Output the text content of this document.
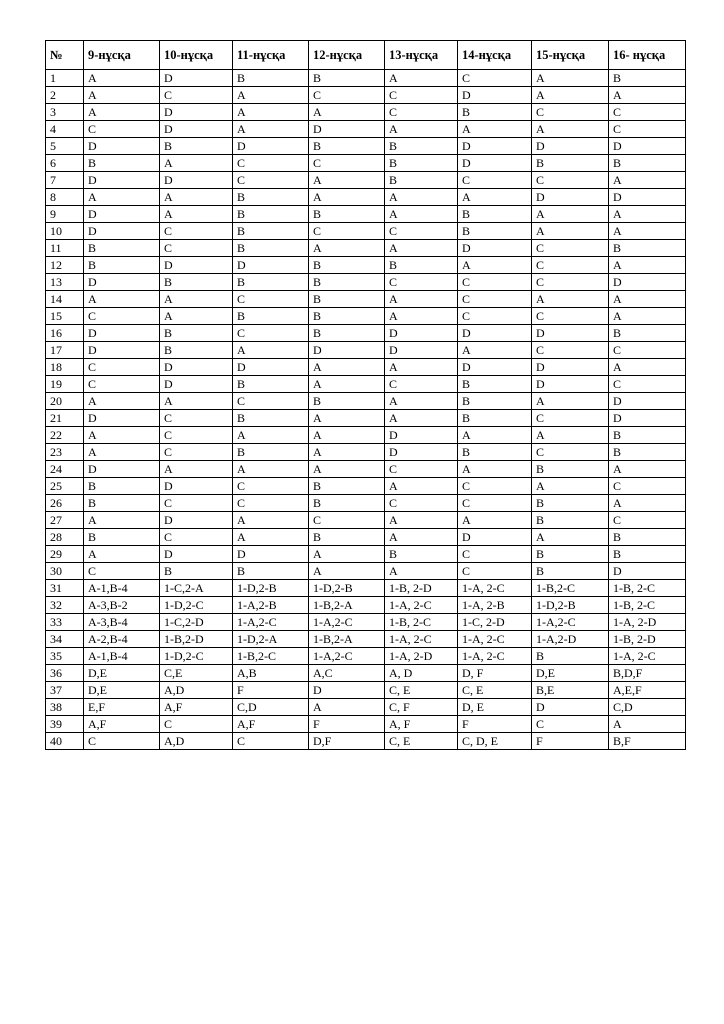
№	9-нұсқа	10-нұсқа	11-нұсқа	12-нұсқа	13-нұсқа	14-нұсқа	15-нұсқа	16- нұсқа
1	A	D	B	B	A	C	A	B
2	A	C	A	C	C	D	A	A
3	A	D	A	A	C	B	C	C
4	C	D	A	D	A	A	A	C
5	D	B	D	B	B	D	D	D
6	B	A	C	C	B	D	B	B
7	D	D	C	A	B	C	C	A
8	A	A	B	A	A	A	D	D
9	D	A	B	B	A	B	A	A
10	D	C	B	C	C	B	A	A
11	B	C	B	A	A	D	C	B
12	B	D	D	B	B	A	C	A
13	D	B	B	B	C	C	C	D
14	A	A	C	B	A	C	A	A
15	C	A	B	B	A	C	C	A
16	D	B	C	B	D	D	D	B
17	D	B	A	D	D	A	C	C
18	C	D	D	A	A	D	D	A
19	C	D	B	A	C	B	D	C
20	A	A	C	B	A	B	A	D
21	D	C	B	A	A	B	C	D
22	A	C	A	A	D	A	A	B
23	A	C	B	A	D	B	C	B
24	D	A	A	A	C	A	B	A
25	B	D	C	B	A	C	A	C
26	B	C	C	B	C	C	B	A
27	A	D	A	C	A	A	B	C
28	B	C	A	B	A	D	A	B
29	A	D	D	A	B	C	B	B
30	C	B	B	A	A	C	B	D
31	A-1,B-4	1-C,2-A	1-D,2-B	1-D,2-B	1-B, 2-D	1-A, 2-C	1-B,2-C	1-B, 2-C
32	A-3,B-2	1-D,2-C	1-A,2-B	1-B,2-A	1-A, 2-C	1-A, 2-B	1-D,2-B	1-B, 2-C
33	A-3,B-4	1-C,2-D	1-A,2-C	1-A,2-C	1-B, 2-C	1-C, 2-D	1-A,2-C	1-A, 2-D
34	A-2,B-4	1-B,2-D	1-D,2-A	1-B,2-A	1-A, 2-C	1-A, 2-C	1-A,2-D	1-B, 2-D
35	A-1,B-4	1-D,2-C	1-B,2-C	1-A,2-C	1-A, 2-D	1-A, 2-C	B	1-A, 2-C
36	D,E	C,E	A,B	A,C	A, D	D, F	D,E	B,D,F
37	D,E	A,D	F	D	C, E	C, E	B,E	A,E,F
38	E,F	A,F	C,D	A	C, F	D, E	D	C,D
39	A,F	C	A,F	F	A, F	F	C	A
40	C	A,D	C	D,F	C, E	C, D, E	F	B,F
